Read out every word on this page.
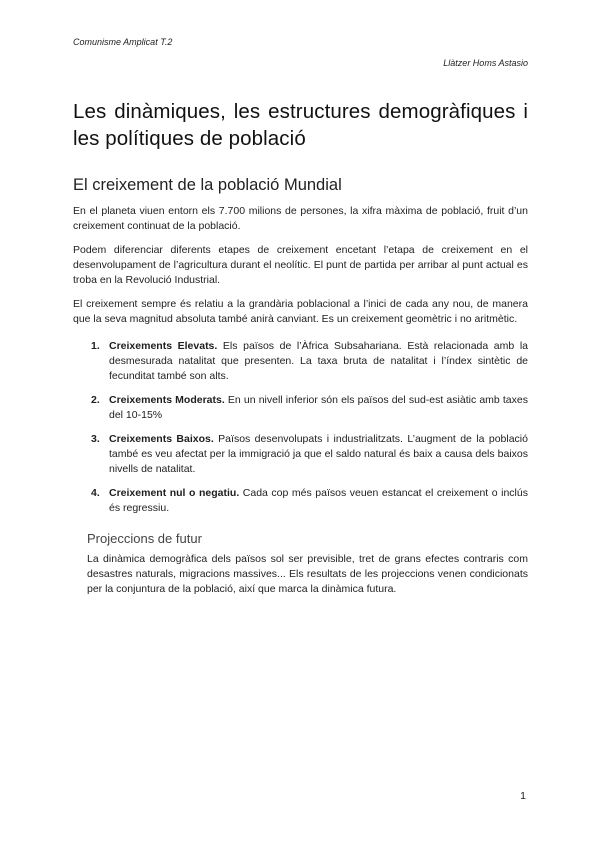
Comunisme Amplicat T.2
Llàtzer Homs Astasio
Les dinàmiques, les estructures demogràfiques i les polítiques de població
El creixement de la població Mundial

En el planeta viuen entorn els 7.700 milions de persones, la xifra màxima de població, fruit d’un creixement continuat de la població.

Podem diferenciar diferents etapes de creixement encetant l’etapa de creixement en el desenvolupament de l’agricultura durant el neolític. El punt de partida per arribar al punt actual es troba en la Revolució Industrial.

El creixement sempre és relatiu a la grandària poblacional a l’inici de cada any nou, de manera que la seva magnitud absoluta també anirà canviant. Es un creixement geomètric i no aritmètic.

1. Creixements Elevats. Els països de l’Àfrica Subsahariana. Està relacionada amb la desmesurada natalitat que presenten. La taxa bruta de natalitat i l’índex sintètic de fecunditat també son alts.
2. Creixements Moderats. En un nivell inferior són els països del sud-est asiàtic amb taxes del 10-15%
3. Creixements Baixos. Països desenvolupats i industrialitzats. L’augment de la població també es veu afectat per la immigració ja que el saldo natural és baix a causa dels baixos nivells de natalitat.
4. Creixement nul o negatiu. Cada cop més països veuen estancat el creixement o inclús és regressiu.
Projeccions de futur

La dinàmica demogràfica dels països sol ser previsible, tret de grans efectes contraris com desastres naturals, migracions massives... Els resultats de les projeccions venen condicionats per la conjuntura de la població, així que marca la dinàmica futura.

1
